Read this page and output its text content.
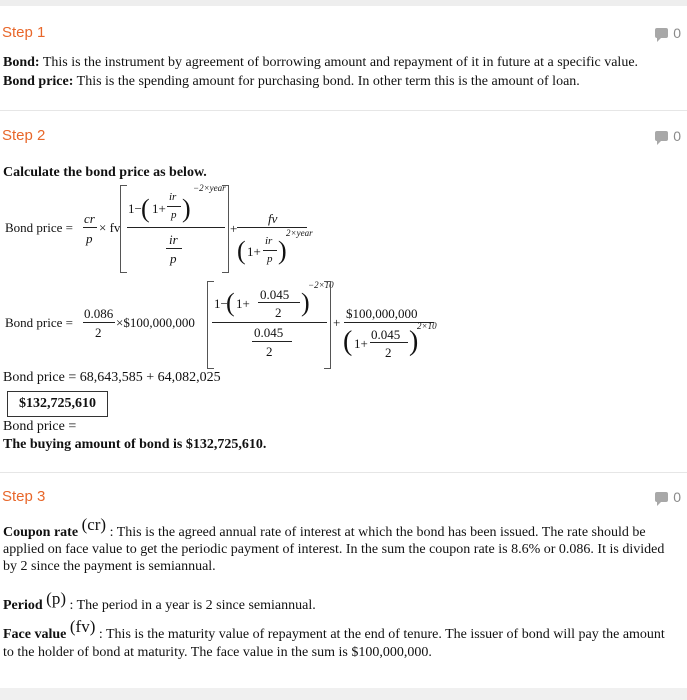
Step 1	0
Bond: This is the instrument by agreement of borrowing amount and repayment of it in future at a specific value.
Bond price: This is the spending amount for purchasing bond. In other term this is the amount of loan.
Step 2	0
Calculate the bond price as below.
Bond price =
cr
p
× fv
1− ( 1+
ir
p )
−2×year
ir
p
+
fv
( 1+
ir
p )
2×year
Bond price =
0.086
2
×$100,000,000
1−
( 1+
0.045
2 )
−2×10
0.045
2
+
$100,000,000
( 1+
0.045
2 )
2×10
Bond price = 68,643,585 + 64,082,025
$132,725,610
Bond price =
The buying amount of bond is $132,725,610.
Step 3	0
Coupon rate (cr) : This is the agreed annual rate of interest at which the bond has been issued. The rate should be applied on face value to get the periodic payment of interest. In the sum the coupon rate is 8.6% or 0.086. It is divided by 2 since the payment is semiannual.
Period (p) : The period in a year is 2 since semiannual.
Face value (fv) : This is the maturity value of repayment at the end of tenure. The issuer of bond will pay the amount to the holder of bond at maturity. The face value in the sum is $100,000,000.
